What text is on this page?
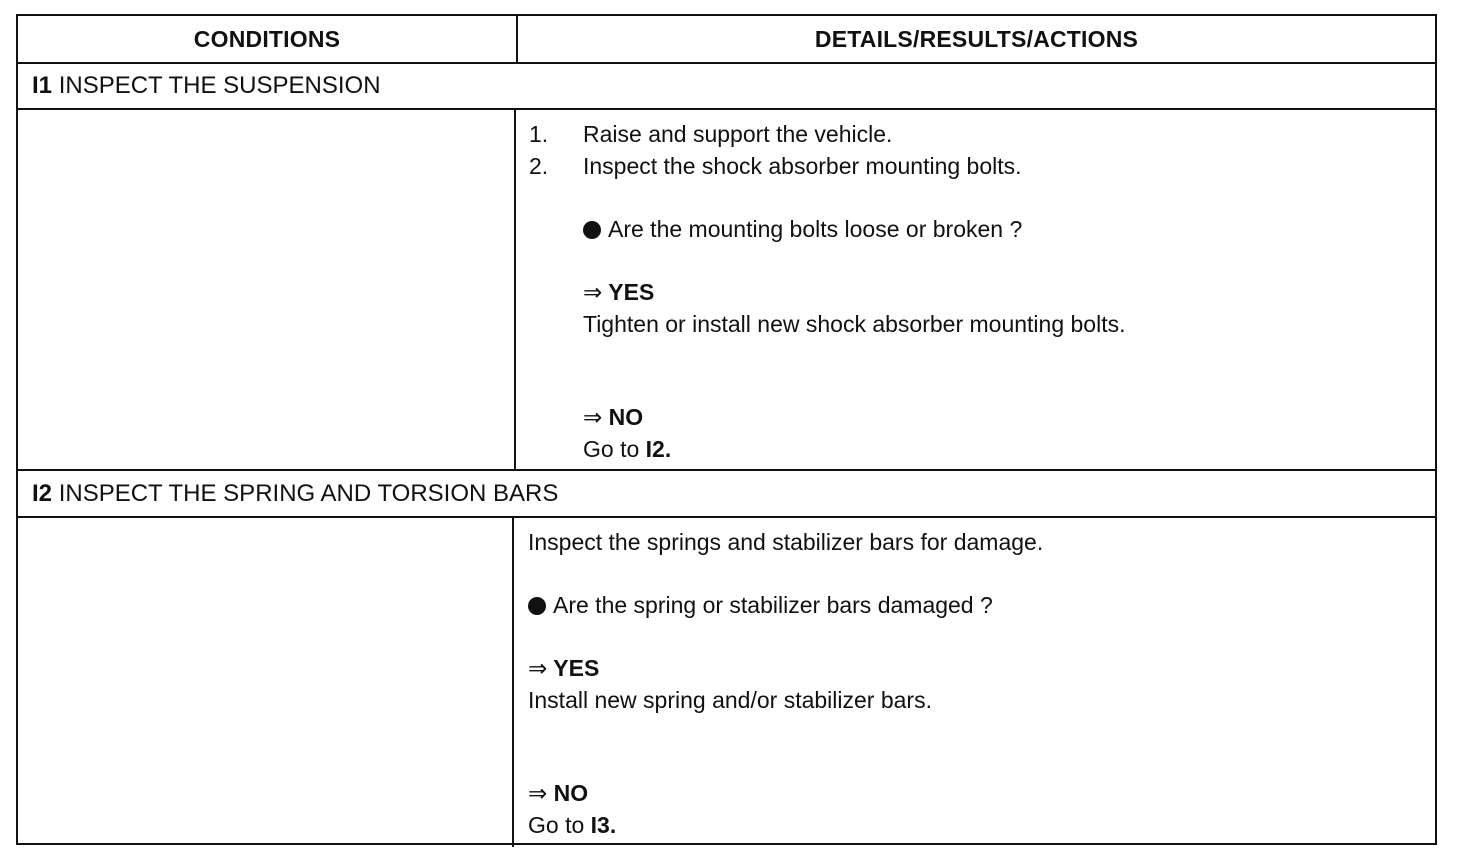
CONDITIONS	DETAILS/RESULTS/ACTIONS
I1 INSPECT THE SUSPENSION
1. Raise and support the vehicle.
2. Inspect the shock absorber mounting bolts.
Are the mounting bolts loose or broken ?
⇒ YES
Tighten or install new shock absorber mounting bolts.
⇒ NO
Go to I2.
I2 INSPECT THE SPRING AND TORSION BARS
Inspect the springs and stabilizer bars for damage.
Are the spring or stabilizer bars damaged ?
⇒ YES
Install new spring and/or stabilizer bars.
⇒ NO
Go to I3.
